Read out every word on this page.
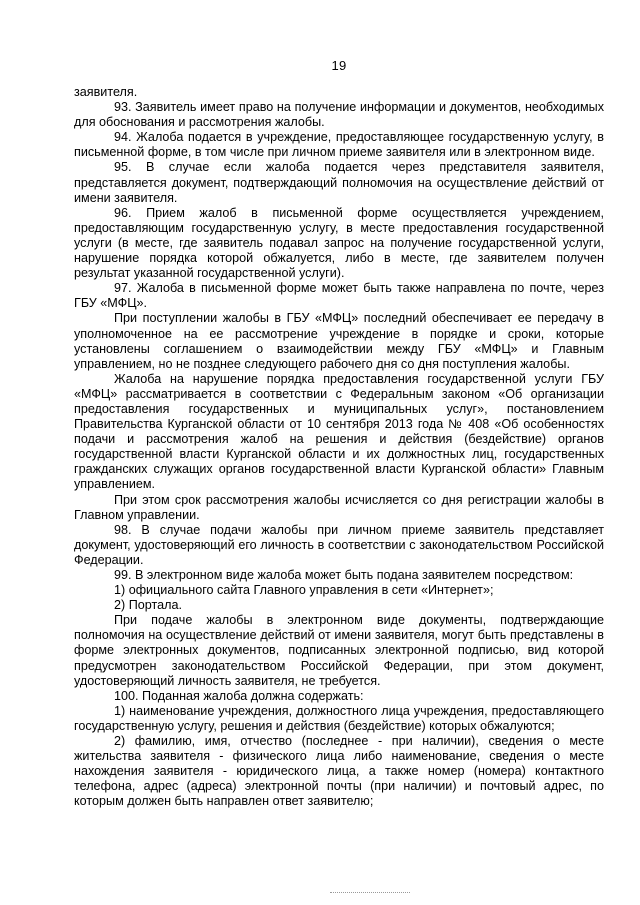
19

заявителя.

93. Заявитель имеет право на получение информации и документов, необходимых для обоснования и рассмотрения жалобы.

94. Жалоба подается в учреждение, предоставляющее государственную услугу, в письменной форме, в том числе при личном приеме заявителя или в электронном виде.

95. В случае если жалоба подается через представителя заявителя, представляется документ, подтверждающий полномочия на осуществление действий от имени заявителя.

96. Прием жалоб в письменной форме осуществляется учреждением, предоставляющим государственную услугу, в месте предоставления государственной услуги (в месте, где заявитель подавал запрос на получение государственной услуги, нарушение порядка которой обжалуется, либо в месте, где заявителем получен результат указанной государственной услуги).

97. Жалоба в письменной форме может быть также направлена по почте, через ГБУ «МФЦ».

При поступлении жалобы в ГБУ «МФЦ» последний обеспечивает ее передачу в уполномоченное на ее рассмотрение учреждение в порядке и сроки, которые установлены соглашением о взаимодействии между ГБУ «МФЦ» и Главным управлением, но не позднее следующего рабочего дня со дня поступления жалобы.

Жалоба на нарушение порядка предоставления государственной услуги ГБУ «МФЦ» рассматривается в соответствии с Федеральным законом «Об организации предоставления государственных и муниципальных услуг», постановлением Правительства Курганской области от 10 сентября 2013 года № 408 «Об особенностях подачи и рассмотрения жалоб на решения и действия (бездействие) органов государственной власти Курганской области и их должностных лиц, государственных гражданских служащих органов государственной власти Курганской области» Главным управлением.

При этом срок рассмотрения жалобы исчисляется со дня регистрации жалобы в Главном управлении.

98. В случае подачи жалобы при личном приеме заявитель представляет документ, удостоверяющий его личность в соответствии с законодательством Российской Федерации.

99. В электронном виде жалоба может быть подана заявителем посредством:

1) официального сайта Главного управления в сети «Интернет»;

2) Портала.

При подаче жалобы в электронном виде документы, подтверждающие полномочия на осуществление действий от имени заявителя, могут быть представлены в форме электронных документов, подписанных электронной подписью, вид которой предусмотрен законодательством Российской Федерации, при этом документ, удостоверяющий личность заявителя, не требуется.

100. Поданная жалоба должна содержать:

1) наименование учреждения, должностного лица учреждения, предоставляющего государственную услугу, решения и действия (бездействие) которых обжалуются;

2) фамилию, имя, отчество (последнее - при наличии), сведения о месте жительства заявителя - физического лица либо наименование, сведения о месте нахождения заявителя - юридического лица, а также номер (номера) контактного телефона, адрес (адреса) электронной почты (при наличии) и почтовый адрес, по которым должен быть направлен ответ заявителю;
